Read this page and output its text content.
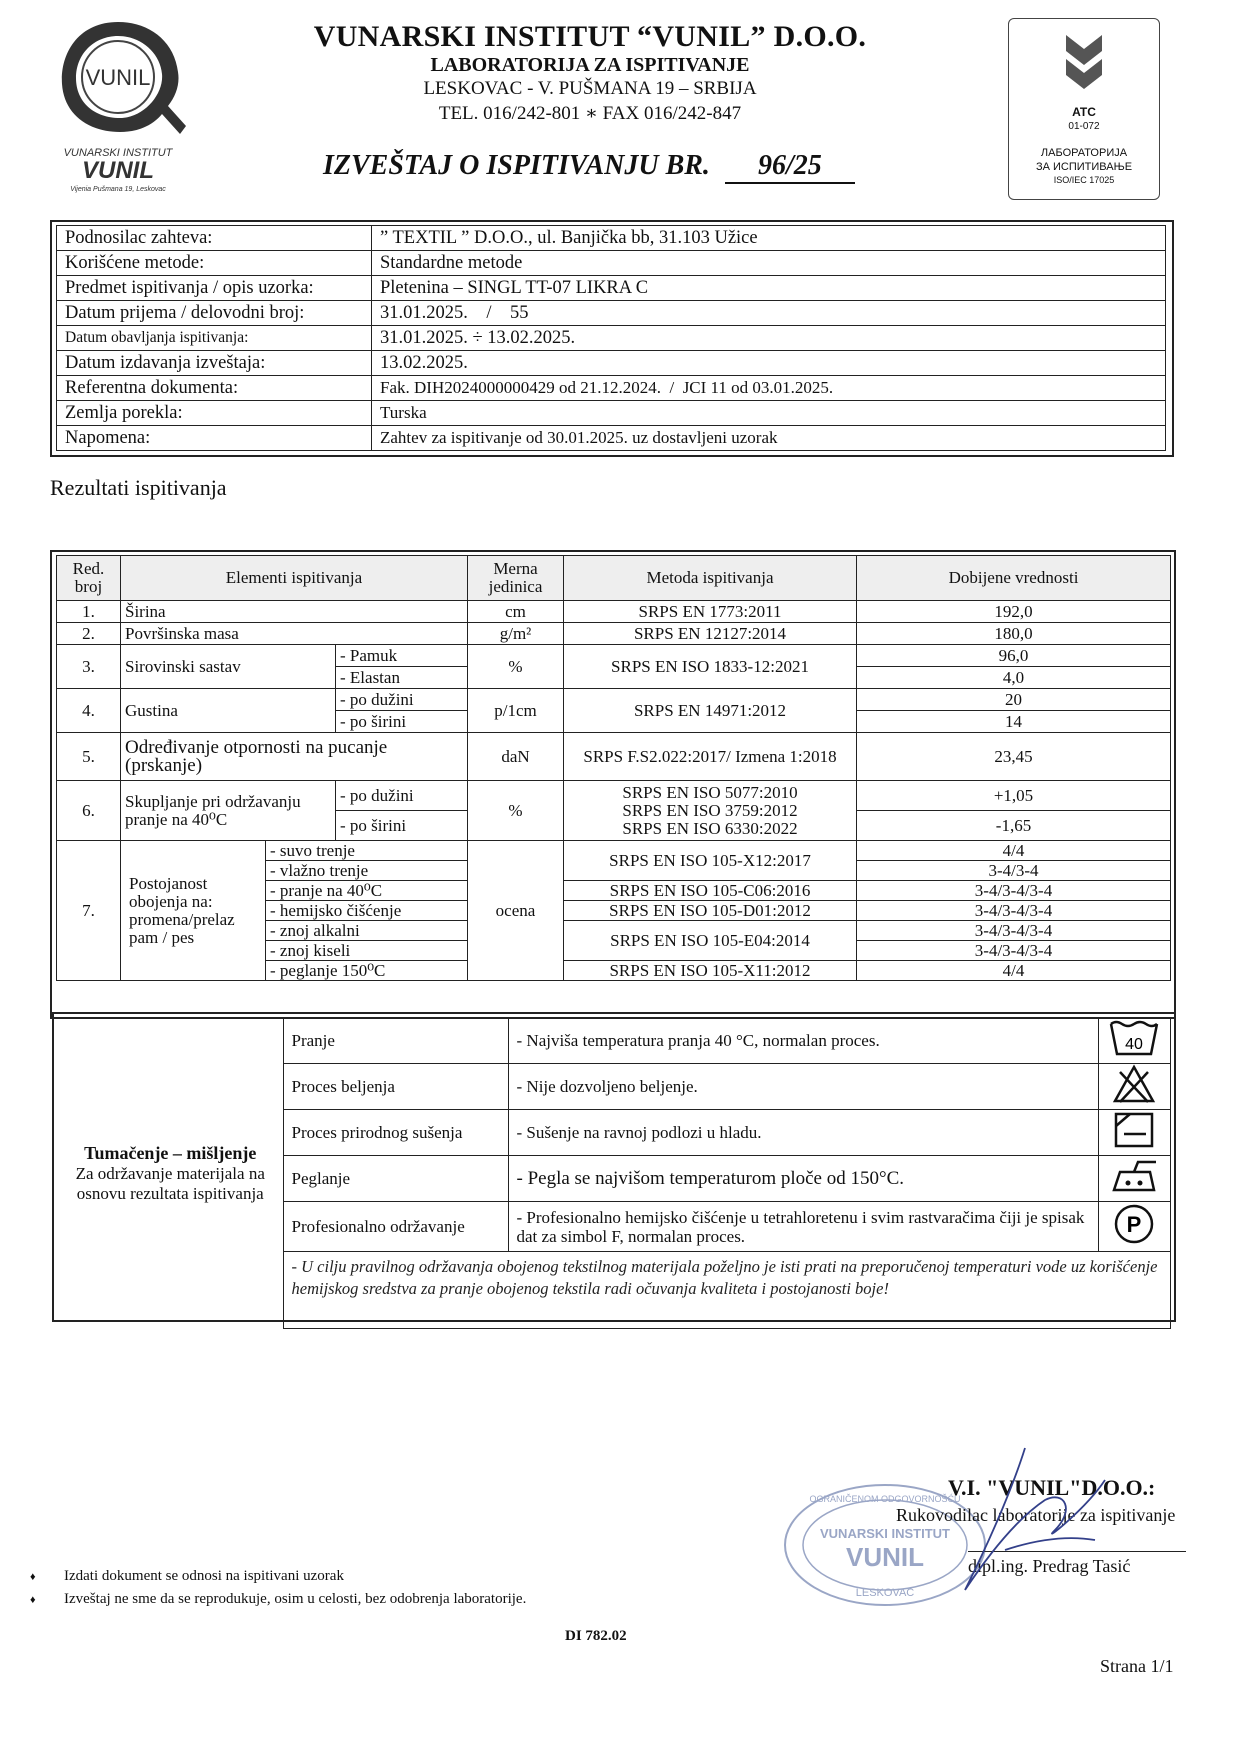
VUNIL
VUNARSKI INSTITUT
VUNIL
Vijenia Pušmana 19, Leskovac
VUNARSKI INSTITUT “VUNIL” D.O.O.
LABORATORIJA ZA ISPITIVANJE
LESKOVAC - V. PUŠMANA 19 – SRBIJA
TEL. 016/242-801 ∗ FAX 016/242-847
IZVEŠTAJ O ISPITIVANJU BR. 96/25
ATC
01-072
ЛАБОРАТОРИЈА
ЗА ИСПИТИВАЊЕ
ISO/IEC 17025
Podnosilac zahteva:	” TEXTIL ” D.O.O., ul. Banjička bb, 31.103 Užice
Korišćene metode:	Standardne metode
Predmet ispitivanja / opis uzorka:	Pletenina – SINGL TT-07 LIKRA C
Datum prijema / delovodni broj:	31.01.2025.    /    55
Datum obavljanja ispitivanja:	31.01.2025. ÷ 13.02.2025.
Datum izdavanja izveštaja:	13.02.2025.
Referentna dokumenta:	Fak. DIH2024000000429 od 21.12.2024.  /  JCI 11 od 03.01.2025.
Zemlja porekla:	Turska
Napomena:	Zahtev za ispitivanje od 30.01.2025. uz dostavljeni uzorak
Rezultati ispitivanja
Red. broj	Elementi ispitivanja			Merna jedinica	Metoda ispitivanja	Dobijene vrednosti
1.	Širina			cm	SRPS EN 1773:2011	192,0
2.	Površinska masa			g/m²	SRPS EN 12127:2014	180,0
3.	Sirovinski sastav		- Pamuk	%	SRPS EN ISO 1833-12:2021	96,0
			- Elastan			4,0
4.	Gustina		- po dužini	p/1cm	SRPS EN 14971:2012	20
			- po širini			14
5.	Određivanje otpornosti na pucanje (prskanje)			daN	SRPS F.S2.022:2017/ Izmena 1:2018	23,45
6.	Skupljanje pri održavanju pranje na 40⁰C		- po dužini	%	SRPS EN ISO 5077:2010
SRPS EN ISO 3759:2012
SRPS EN ISO 6330:2022	+1,05
			- po širini			-1,65
7.	Postojanost obojenja na: promena/prelaz pam / pes	- suvo trenje		ocena	SRPS EN ISO 105-X12:2017	4/4
		- vlažno trenje				3-4/3-4
		- pranje na 40⁰C			SRPS EN ISO 105-C06:2016	3-4/3-4/3-4
		- hemijsko čišćenje			SRPS EN ISO 105-D01:2012	3-4/3-4/3-4
		- znoj alkalni			SRPS EN ISO 105-E04:2014	3-4/3-4/3-4
		- znoj kiseli				3-4/3-4/3-4
		- peglanje 150⁰C			SRPS EN ISO 105-X11:2012	4/4
Tumačenje – mišljenje
Za održavanje materijala na osnovu rezultata ispitivanja	Pranje	- Najviša temperatura pranja 40 °C, normalan proces.	40

	Proces beljenja	- Nije dozvoljeno beljenje.	
	Proces prirodnog sušenja	- Sušenje na ravnoj podlozi u hladu.	
	Peglanje	- Pegla se najvišom temperaturom ploče od 150°C.	
	Profesionalno održavanje	- Profesionalno hemijsko čišćenje u tetrahloretenu i svim rastvaračima čiji je spisak dat za simbol F, normalan proces.	P

	- U cilju pravilnog održavanja obojenog tekstilnog materijala poželjno je isti prati na preporučenoj temperaturi vode uz korišćenje hemijskog sredstva za pranje obojenog tekstila radi očuvanja kvaliteta i postojanosti boje!		
OGRANIČENOM ODGOVORNOŠĆU
VUNARSKI INSTITUT
VUNIL
LESKOVAC
V.I. "VUNIL"D.O.O.:
Rukovodilac laboratorije za ispitivanje
dipl.ing. Predrag Tasić
♦ Izdati dokument se odnosi na ispitivani uzorak
♦ Izveštaj ne sme da se reprodukuje, osim u celosti, bez odobrenja laboratorije.
DI 782.02
Strana 1/1
